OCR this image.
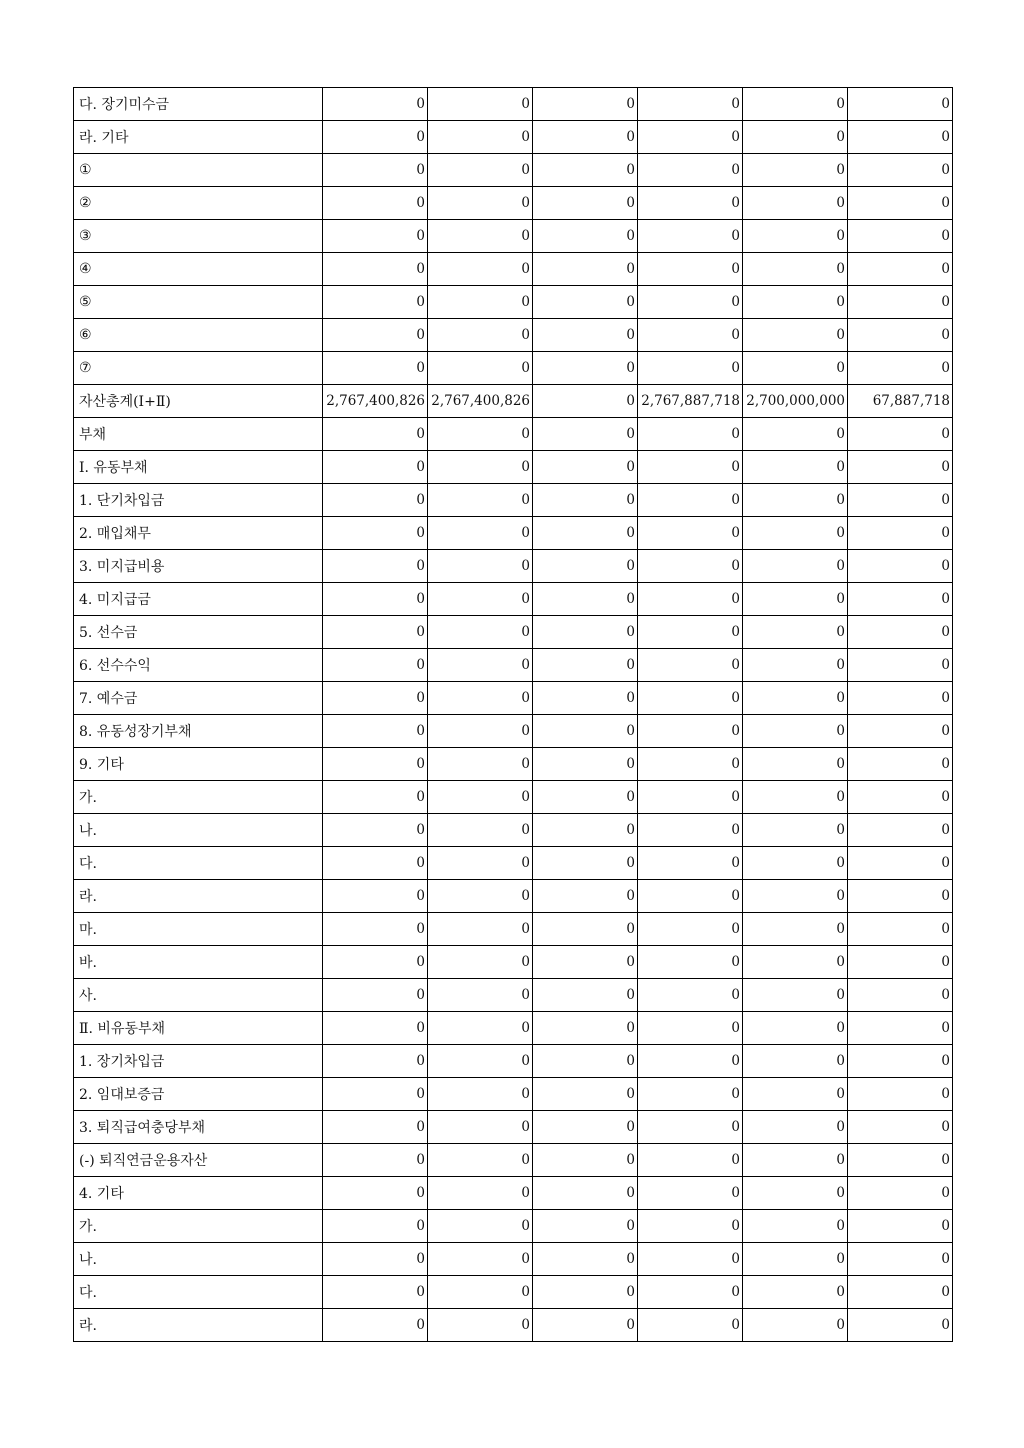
다. 장기미수금	0	0	0	0	0	0
라. 기타	0	0	0	0	0	0
①	0	0	0	0	0	0
②	0	0	0	0	0	0
③	0	0	0	0	0	0
④	0	0	0	0	0	0
⑤	0	0	0	0	0	0
⑥	0	0	0	0	0	0
⑦	0	0	0	0	0	0
자산총계(Ⅰ+Ⅱ)	2,767,400,826	2,767,400,826	0	2,767,887,718	2,700,000,000	67,887,718
부채	0	0	0	0	0	0
Ⅰ. 유동부채	0	0	0	0	0	0
1. 단기차입금	0	0	0	0	0	0
2. 매입채무	0	0	0	0	0	0
3. 미지급비용	0	0	0	0	0	0
4. 미지급금	0	0	0	0	0	0
5. 선수금	0	0	0	0	0	0
6. 선수수익	0	0	0	0	0	0
7. 예수금	0	0	0	0	0	0
8. 유동성장기부채	0	0	0	0	0	0
9. 기타	0	0	0	0	0	0
가.	0	0	0	0	0	0
나.	0	0	0	0	0	0
다.	0	0	0	0	0	0
라.	0	0	0	0	0	0
마.	0	0	0	0	0	0
바.	0	0	0	0	0	0
사.	0	0	0	0	0	0
Ⅱ. 비유동부채	0	0	0	0	0	0
1. 장기차입금	0	0	0	0	0	0
2. 임대보증금	0	0	0	0	0	0
3. 퇴직급여충당부채	0	0	0	0	0	0
(-) 퇴직연금운용자산	0	0	0	0	0	0
4. 기타	0	0	0	0	0	0
가.	0	0	0	0	0	0
나.	0	0	0	0	0	0
다.	0	0	0	0	0	0
라.	0	0	0	0	0	0
